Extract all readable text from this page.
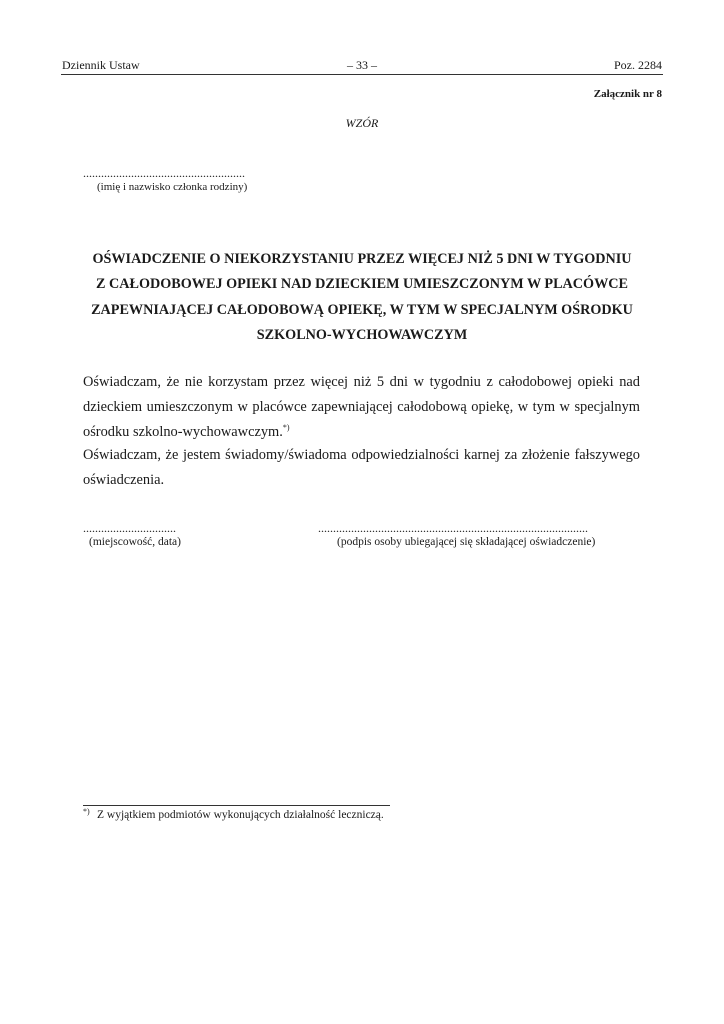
Dziennik Ustaw	– 33 –	Poz. 2284
Załącznik nr 8
WZÓR
......................................................
(imię i nazwisko członka rodziny)
OŚWIADCZENIE O NIEKORZYSTANIU PRZEZ WIĘCEJ NIŻ 5 DNI W TYGODNIU
Z CAŁODOBOWEJ OPIEKI NAD DZIECKIEM UMIESZCZONYM W PLACÓWCE
ZAPEWNIAJĄCEJ CAŁODOBOWĄ OPIEKĘ, W TYM W SPECJALNYM OŚRODKU
SZKOLNO-WYCHOWAWCZYM
Oświadczam, że nie korzystam przez więcej niż 5 dni w tygodniu z całodobowej opieki nad dzieckiem umieszczonym w placówce zapewniającej całodobową opiekę, w tym w specjalnym ośrodku szkolno-wychowawczym.*)
Oświadczam, że jestem świadomy/świadoma odpowiedzialności karnej za złożenie fałszywego oświadczenia.
...............................
(miejscowość, data)
..........................................................................................
(podpis osoby ubiegającej się składającej oświadczenie)
*) Z wyjątkiem podmiotów wykonujących działalność leczniczą.
